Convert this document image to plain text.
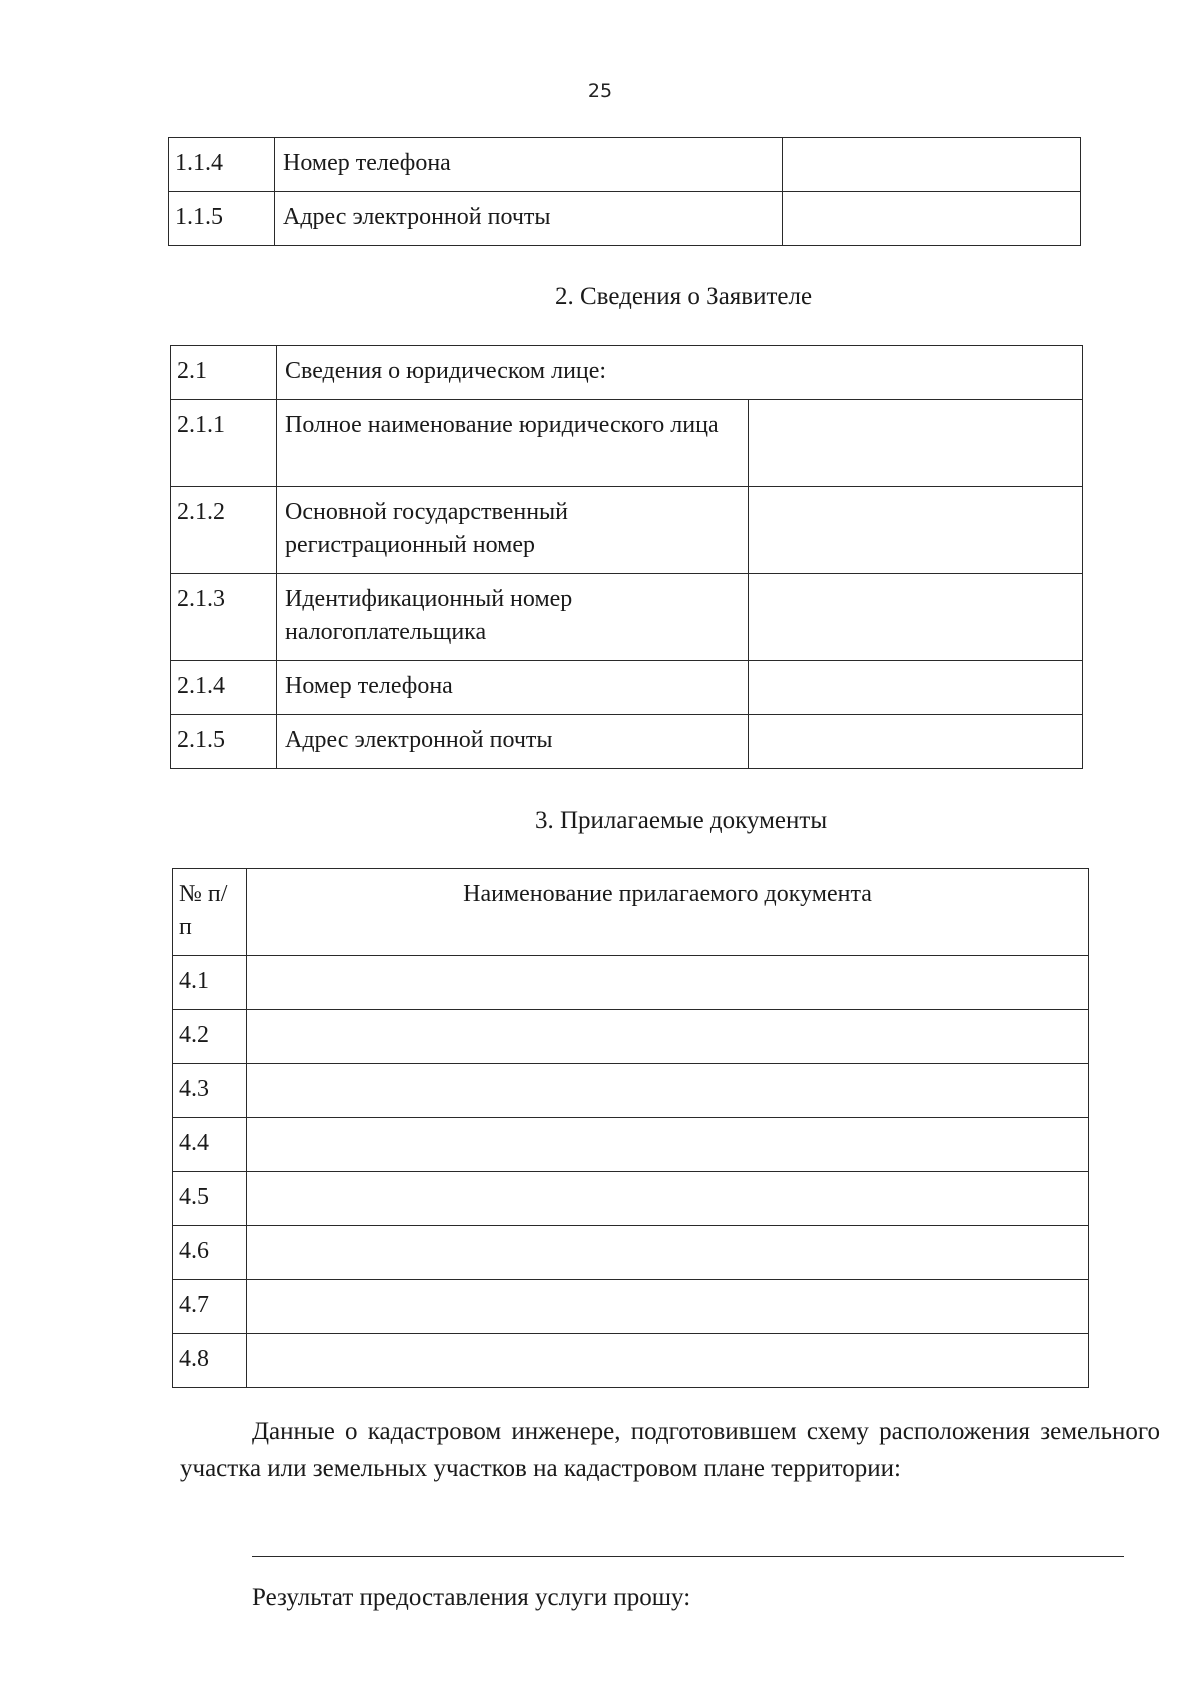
25
1.1.4	Номер телефона	
1.1.5	Адрес электронной почты	
2. Сведения о Заявителе
2.1	Сведения о юридическом лице:	
2.1.1	Полное наименование юридического лица	
2.1.2	Основной государственный регистрационный номер	
2.1.3	Идентификационный номер налогоплательщика	
2.1.4	Номер телефона	
2.1.5	Адрес электронной почты	
3. Прилагаемые документы
№ п/п	Наименование прилагаемого документа
4.1	
4.2	
4.3	
4.4	
4.5	
4.6	
4.7	
4.8	
Данные о кадастровом инженере, подготовившем схему расположения земельного участка или земельных участков на кадастровом плане территории:
Результат предоставления услуги прошу:
